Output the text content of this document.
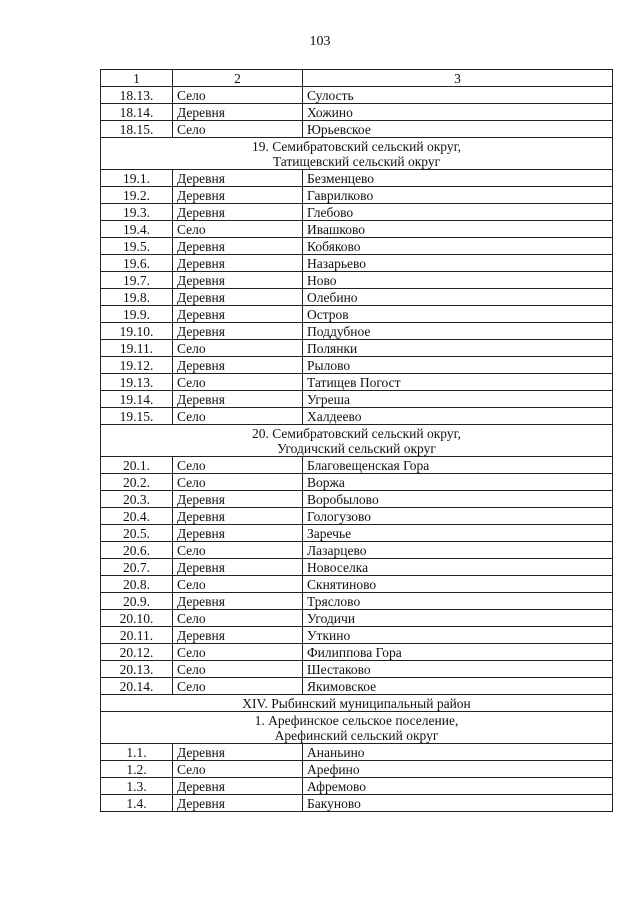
103
1	2	3
18.13.	Село	Сулость
18.14.	Деревня	Хожино
18.15.	Село	Юрьевское

19. Семибратовский сельский округ,
Татищевский сельский округ		

19.1.	Деревня	Безменцево
19.2.	Деревня	Гаврилково
19.3.	Деревня	Глебово
19.4.	Село	Ивашково
19.5.	Деревня	Кобяково
19.6.	Деревня	Назарьево
19.7.	Деревня	Ново
19.8.	Деревня	Олебино
19.9.	Деревня	Остров
19.10.	Деревня	Поддубное
19.11.	Село	Полянки
19.12.	Деревня	Рылово
19.13.	Село	Татищев Погост
19.14.	Деревня	Угреша
19.15.	Село	Халдеево

20. Семибратовский сельский округ,
Угодичский сельский округ		

20.1.	Село	Благовещенская Гора
20.2.	Село	Воржа
20.3.	Деревня	Воробылово
20.4.	Деревня	Гологузово
20.5.	Деревня	Заречье
20.6.	Село	Лазарцево
20.7.	Деревня	Новоселка
20.8.	Село	Скнятиново
20.9.	Деревня	Тряслово
20.10.	Село	Угодичи
20.11.	Деревня	Уткино
20.12.	Село	Филиппова Гора
20.13.	Село	Шестаково
20.14.	Село	Якимовское
XIV. Рыбинский муниципальный район		

1. Арефинское сельское поселение,
Арефинский сельский округ		

1.1.	Деревня	Ананьино
1.2.	Село	Арефино
1.3.	Деревня	Афремово
1.4.	Деревня	Бакуново
